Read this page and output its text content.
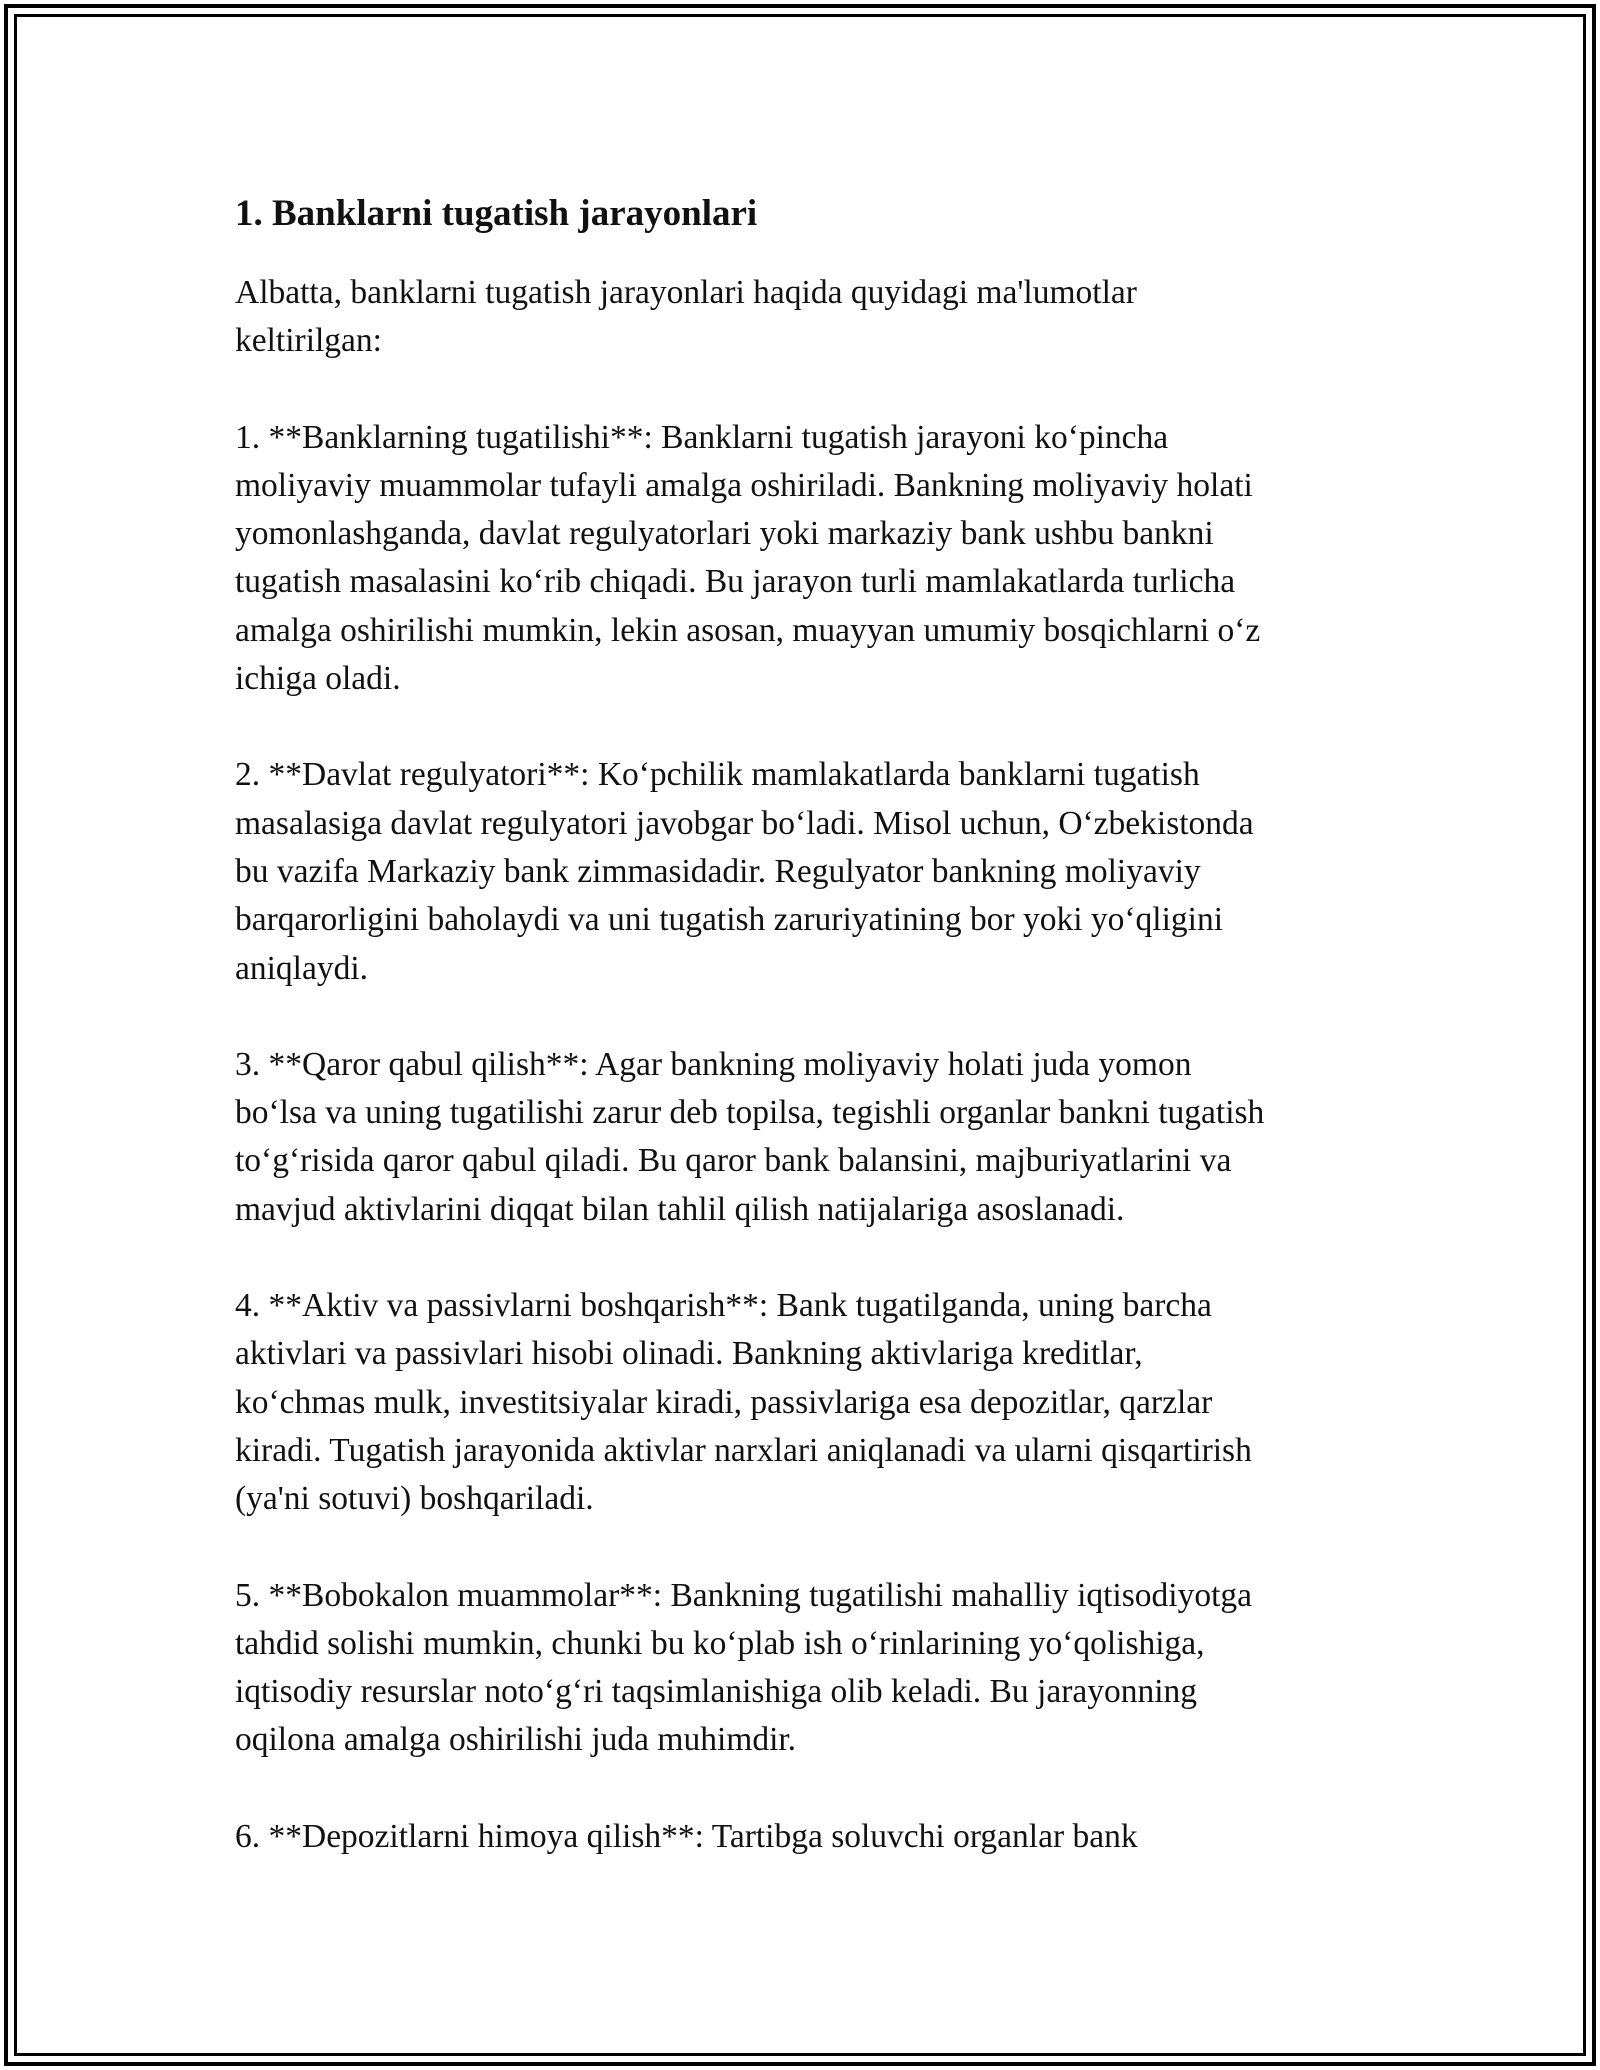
1. Banklarni tugatish jarayonlari

Albatta, banklarni tugatish jarayonlari haqida quyidagi ma'lumotlar
keltirilgan:

1. **Banklarning tugatilishi**: Banklarni tugatish jarayoni ko‘pincha
moliyaviy muammolar tufayli amalga oshiriladi. Bankning moliyaviy holati
yomonlashganda, davlat regulyatorlari yoki markaziy bank ushbu bankni
tugatish masalasini ko‘rib chiqadi. Bu jarayon turli mamlakatlarda turlicha
amalga oshirilishi mumkin, lekin asosan, muayyan umumiy bosqichlarni o‘z
ichiga oladi.

2. **Davlat regulyatori**: Ko‘pchilik mamlakatlarda banklarni tugatish
masalasiga davlat regulyatori javobgar bo‘ladi. Misol uchun, O‘zbekistonda
bu vazifa Markaziy bank zimmasidadir. Regulyator bankning moliyaviy
barqarorligini baholaydi va uni tugatish zaruriyatining bor yoki yo‘qligini
aniqlaydi.

3. **Qaror qabul qilish**: Agar bankning moliyaviy holati juda yomon
bo‘lsa va uning tugatilishi zarur deb topilsa, tegishli organlar bankni tugatish
to‘g‘risida qaror qabul qiladi. Bu qaror bank balansini, majburiyatlarini va
mavjud aktivlarini diqqat bilan tahlil qilish natijalariga asoslanadi.

4. **Aktiv va passivlarni boshqarish**: Bank tugatilganda, uning barcha
aktivlari va passivlari hisobi olinadi. Bankning aktivlariga kreditlar,
ko‘chmas mulk, investitsiyalar kiradi, passivlariga esa depozitlar, qarzlar
kiradi. Tugatish jarayonida aktivlar narxlari aniqlanadi va ularni qisqartirish
(ya'ni sotuvi) boshqariladi.

5. **Bobokalon muammolar**: Bankning tugatilishi mahalliy iqtisodiyotga
tahdid solishi mumkin, chunki bu ko‘plab ish o‘rinlarining yo‘qolishiga,
iqtisodiy resurslar noto‘g‘ri taqsimlanishiga olib keladi. Bu jarayonning
oqilona amalga oshirilishi juda muhimdir.

6. **Depozitlarni himoya qilish**: Tartibga soluvchi organlar bank
